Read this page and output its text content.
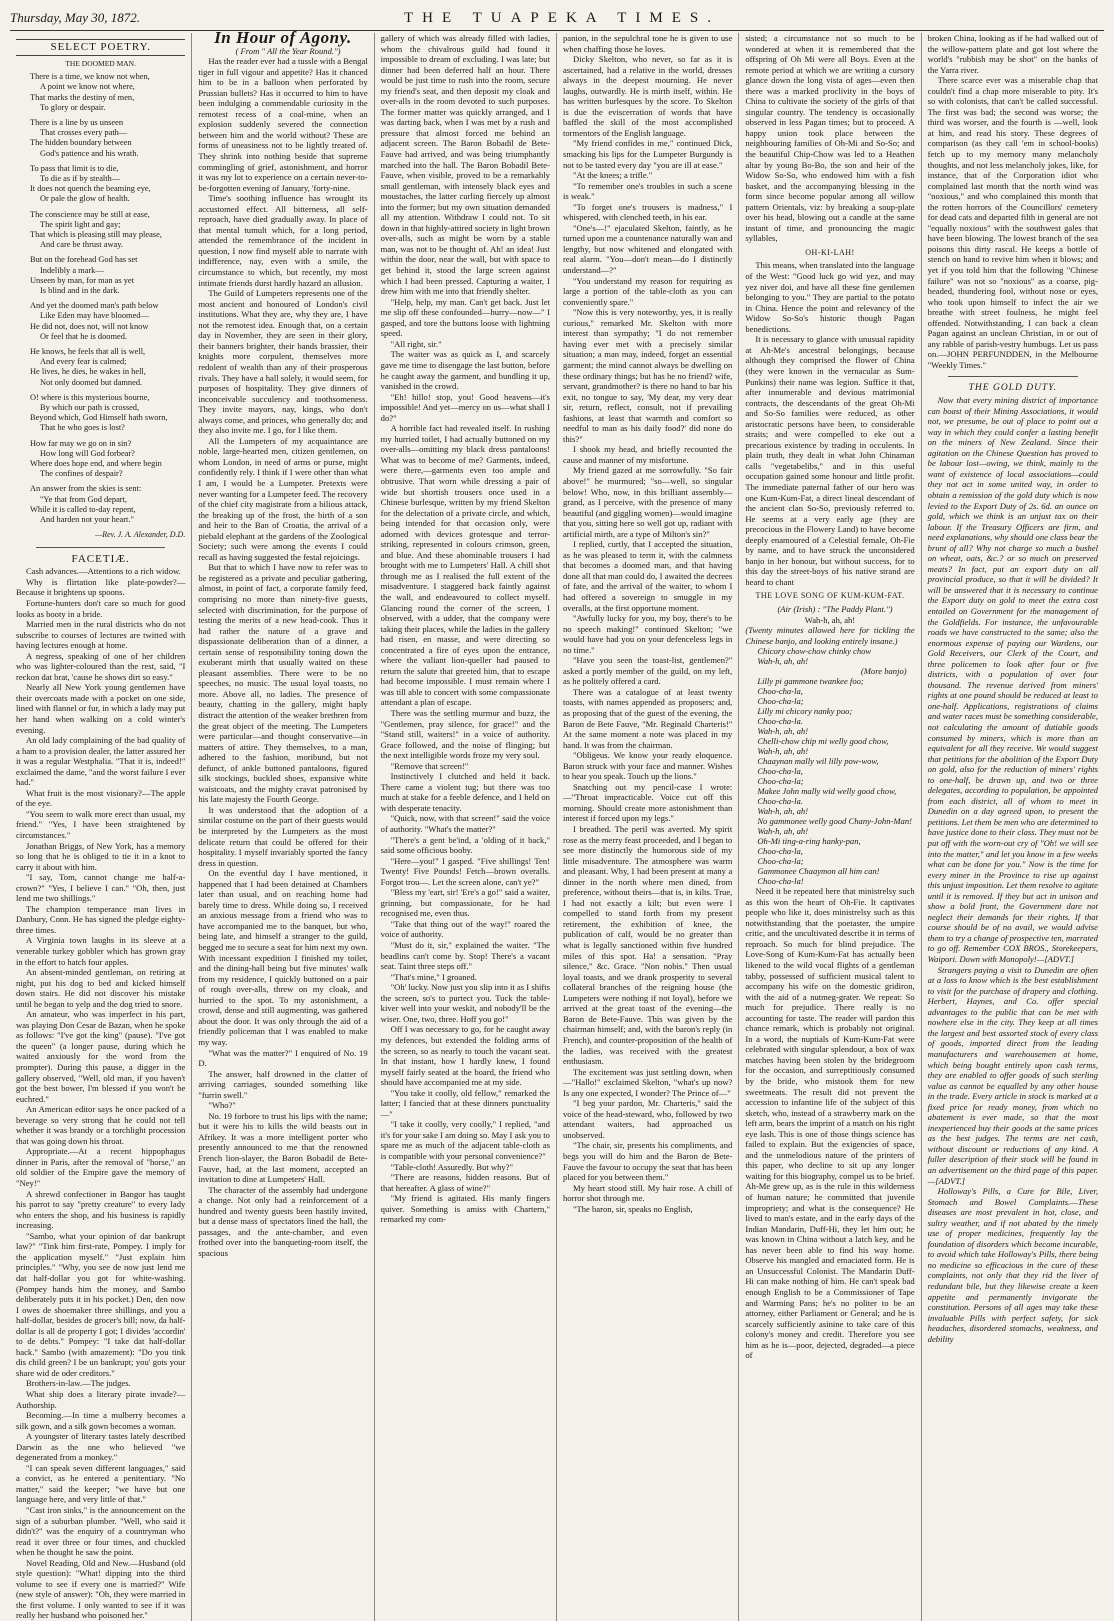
Thursday, May 30, 1872.	THE TUAPEKA TIMES.
SELECT POETRY.
THE DOOMED MAN.
There is a time, we know not when,
A point we know not where,
That marks the destiny of men,
To glory or despair.
There is a line by us unseen
That crosses every path—
The hidden boundary between
God's patience and his wrath.
To pass that limit is to die,
To die as if by stealth—
It does not quench the beaming eye,
Or pale the glow of health.
The conscience may be still at ease,
The spirit light and gay;
That which is pleasing still may please,
And care be thrust away.
But on the forehead God has set
Indelibly a mark—
Unseen by man, for man as yet
Is blind and in the dark.
And yet the doomed man's path below
Like Eden may have bloomed—
He did not, does not, will not know
Or feel that he is doomed.
He knows, he feels that all is well,
And every fear is calmed;
He lives, he dies, he wakes in hell,
Not only doomed but damned.
O! where is this mysterious bourne,
By which our path is crossed,
Beyond which, God Himself hath sworn,
That he who goes is lost?
How far may we go on in sin?
How long will God forbear?
Where does hope end, and where begin
The confines of despair?
An answer from the skies is sent:
"Ye that from God depart,
While it is called to-day repent,
And harden not your heart."
—Rev. J. A. Alexander, D.D.
FACETIÆ.

Cash advances.—Attentions to a rich widow.

Why is flirtation like plate-powder?—Because it brightens up spoons.

Fortune-hunters don't care so much for good looks as booty in a bride.

Married men in the rural districts who do not subscribe to courses of lectures are twitted with having lectures enough at home.

A negress, speaking of one of her children who was lighter-coloured than the rest, said, "I reckon dat brat, 'cause he shows dirt so easy."

Nearly all New York young gentlemen have their overcoats made with a pocket on one side, lined with flannel or fur, in which a lady may put her hand when walking on a cold winter's evening.

An old lady complaining of the bad quality of a ham to a provision dealer, the latter assured her it was a regular Westphalia. "That it is, indeed!" exclaimed the dame, "and the worst failure I ever had."

What fruit is the most visionary?—The apple of the eye.

"You seem to walk more erect than usual, my friend." "Yes, I have been straightened by circumstances."

Jonathan Briggs, of New York, has a memory so long that he is obliged to tie it in a knot to carry it about with him.

"I say, Tom, cannot change me half-a-crown?" "Yes, I believe I can." "Oh, then, just lend me two shillings."

The champion temperance man lives in Danbury, Conn. He has signed the pledge eighty-three times.

A Virginia town laughs in its sleeve at a venerable turkey gobbler which has grown gray in the effort to hatch four apples.

An absent-minded gentleman, on retiring at night, put his dog to bed and kicked himself down stairs. He did not discover his mistake until he began to yelp and the dog tried to snore.

An amateur, who was imperfect in his part, was playing Don Cesar de Bazan, when he spoke as follows: "I've got the king" (pause). "I've got the queen" (a longer pause, during which he waited anxiously for the word from the prompter). During this pause, a digger in the gallery observed, "Well, old man, if you haven't got the best bower, I'm blessed if you won't be euchred."

An American editor says he once packed of a beverage so very strong that he could not tell whether it was brandy or a torchlight procession that was going down his throat.

Appropriate.—At a recent hippophagus dinner in Paris, after the removal of "horse," an old soldier of the Empire gave the memory of "Ney!"

A shrewd confectioner in Bangor has taught his parrot to say "pretty creature" to every lady who enters the shop, and his business is rapidly increasing.

"Sambo, what your opinion of dar bankrupt law?" "Tink him first-rate, Pompey. I imply for the application myself." "Just explain him principles." "Why, you see de now just lend me dat half-dollar you got for white-washing. (Pompey hands him the money, and Sambo deliberately puts it in his pocket.) Den, den now I owes de shoemaker three shillings, and you a half-dollar, besides de grocer's bill; now, da half-dollar is all de property I got; I divides 'accordin' to de debts." Pompey: "I take dat half-dollar back." Sambo (with amazement): "Do you tink dis child green? I be un bankrupt; you' gots your share wid de oder creditors."

Brothers-in-law.—The judges.

What ship does a literary pirate invade?—Authorship.

Becoming.—In time a mulberry becomes a silk gown, and a silk gown becomes a woman.

A youngster of literary tastes lately described Darwin as the one who believed "we degenerated from a monkey."

"I can speak seven different languages," said a convict, as he entered a penitentiary. "No matter," said the keeper; "we have but one language here, and very little of that."

"Cast iron sinks," is the announcement on the sign of a suburban plumber. "Well, who said it didn't?" was the enquiry of a countryman who read it over three or four times, and chuckled when he thought he saw the point.

Novel Reading, Old and New.—Husband (old style question): "What! dipping into the third volume to see if every one is married?" Wife (new style of answer): "Oh, they were married in the first volume. I only wanted to see if it was really her husband who poisoned her."

In Hour of Agony.

( From " All the Year Round.")

Has the reader ever had a tussle with a Bengal tiger in full vigour and appetite? Has it chanced him to be in a balloon when perforated by Prussian bullets? Has it occurred to him to have been indulging a commendable curiosity in the remotest recess of a coal-mine, when an explosion suddenly severed the connection between him and the world without? These are forms of uneasiness not to be lightly treated of. They shrink into nothing beside that supreme commingling of grief, astonishment, and horror it was my lot to experience on a certain never-to-be-forgotten evening of January, 'forty-nine.

Time's soothing influence has wrought its accustomed effect. All bitterness, all self-reproach, have died gradually away. In place of that mental tumult which, for a long period, attended the remembrance of the incident in question, I now find myself able to narrate with indifference, nay, even with a smile, the circumstance to which, but recently, my most intimate friends durst hardly hazard an allusion.

The Guild of Lumpeters represents one of the most ancient and honoured of London's civil institutions. What they are, why they are, I have not the remotest idea. Enough that, on a certain day in November, they are seen in their glory, their banners brighter, their bands brassier, their knights more corpulent, themselves more redolent of wealth than any of their prosperous rivals. They have a hall solely, it would seem, for purposes of hospitality. They give dinners of inconceivable succulency and toothsomeness. They invite mayors, nay, kings, who don't always come, and princes, who generally do; and they also invite me. I go, for I like them.

All the Lumpeters of my acquaintance are noble, large-hearted men, citizen gentlemen, on whom London, in need of arms or purse, might confidently rely. I think if I were other than what I am, I would be a Lumpeter. Pretexts were never wanting for a Lumpeter feed. The recovery of the chief city magistrate from a bilious attack, the breaking up of the frost, the birth of a son and heir to the Ban of Croatia, the arrival of a piebald elephant at the gardens of the Zoological Society; such were among the events I could recall as having suggested the festal rejoicings.

But that to which I have now to refer was to be registered as a private and peculiar gathering, almost, in point of fact, a corporate family feed, comprising no more than ninety-five guests, selected with discrimination, for the purpose of testing the merits of a new head-cook. Thus it had rather the nature of a grave and dispassionate deliberation than of a dinner, a certain sense of responsibility toning down the exuberant mirth that usually waited on these pleasant assemblies. There were to be no speeches, no music. The usual loyal toasts, no more. Above all, no ladies. The presence of beauty, chatting in the gallery, might haply distract the attention of the weaker brethren from the great object of the meeting. The Lumpeters were particular—and thought conservative—in matters of attire. They themselves, to a man, adhered to the fashion, moribund, but not defunct, of ankle buttoned pantaloons, figured silk stockings, buckled shoes, expansive white waistcoats, and the mighty cravat patronised by his late majesty the Fourth George.

It was understood that the adoption of a similar costume on the part of their guests would be interpreted by the Lumpeters as the most delicate return that could be offered for their hospitality. I myself invariably sported the fancy dress in question.

On the eventful day I have mentioned, it happened that I had been detained at Chambers later than usual, and on reaching home had barely time to dress. While doing so, I received an anxious message from a friend who was to have accompanied me to the banquet, but who, being late, and himself a stranger to the guild, begged me to secure a seat for him next my own. With incessant expedition I finished my toilet, and the dining-hall being but five minutes' walk from my residence, I quickly buttoned on a pair of rough over-alls, threw on my cloak, and hurried to the spot. To my astonishment, a crowd, dense and still augmenting, was gathered about the door. It was only through the aid of a friendly policeman that I was enabled to make my way.

"What was the matter?" I enquired of No. 19 D.

The answer, half drowned in the clatter of arriving carriages, sounded something like "furrin swell."

"Who?"

No. 19 forbore to trust his lips with the name; but it were his to kills the wild beasts out in Afrikey. It was a more intelligent porter who presently announced to me that the renowned French lion-slayer, the Baron Bobadil de Bete-Fauve, had, at the last moment, accepted an invitation to dine at Lumpeters' Hall.

The character of the assembly had undergone a change. Not only had a reinforcement of a hundred and twenty guests been hastily invited, but a dense mass of spectators lined the hall, the passages, and the ante-chamber, and even frothed over into the banqueting-room itself, the spacious

gallery of which was already filled with ladies, whom the chivalrous guild had found it impossible to dream of excluding. I was late; but dinner had been deferred half an hour. There would be just time to rush into the room, secure my friend's seat, and then deposit my cloak and over-alls in the room devoted to such purposes. The former matter was quickly arranged, and I was darting back, when I was met by a rush and pressure that almost forced me behind an adjacent screen. The Baron Bobadil de Bete-Fauve had arrived, and was being triumphantly marched into the hall. The Baron Bobadil Bete-Fauve, when visible, proved to be a remarkably small gentleman, with intensely black eyes and moustaches, the latter curling fiercely up almost into the former; but my own situation demanded all my attention. Withdraw I could not. To sit down in that highly-attired society in light brown over-alls, such as might be worn by a stable man, was not to be thought of. Ah! an idea! Just within the door, near the wall, but with space to get behind it, stood the large screen against which I had been pressed. Capturing a waiter, I drew him with me into that friendly shelter.

"Help, help, my man. Can't get back. Just let me slip off these confounded—hurry—now—" I gasped, and tore the buttons loose with lightning speed.

"All right, sir."

The waiter was as quick as I, and scarcely gave me time to disengage the last button, before he caught away the garment, and bundling it up, vanished in the crowd.

"Eh! hillo! stop, you! Good heavens—it's impossible! And yet—mercy on us—what shall I do?"

A horrible fact had revealed itself. In rushing my hurried toilet, I had actually buttoned on my over-alls—omitting my black dress pantaloons! What was to become of me? Garments, indeed, were there,—garments even too ample and obtrusive. That worn while dressing a pair of wide but shortish trousers once used in a Chinese burlesque, written by my friend Skelton for the delectation of a private circle, and which, being intended for that occasion only, were adorned with devices grotesque and terror-striking, represented in colours crimson, green, and blue. And these abominable trousers I had brought with me to Lumpeters' Hall. A chill shot through me as I realised the full extent of the misadventure. I staggered back faintly against the wall, and endeavoured to collect myself. Glancing round the corner of the screen, I observed, with a udder, that the company were taking their places, while the ladies in the gallery had risen, en masse, and were directing so concentrated a fire of eyes upon the entrance, where the valiant lion-queller had paused to return the salute that greeted him, that to escape had become impossible. I must remain where I was till able to concert with some compassionate attendant a plan of escape.

There was the settling murmur and buzz, the "Gentlemen, pray silence, for grace!" and the "Stand still, waiters!" in a voice of authority. Grace followed, and the noise of flinging; but the next intelligible words froze my very soul.

"Remove that screen!"

Instinctively I clutched and held it back. There came a violent tug; but there was too much at stake for a feeble defence, and I held on with desperate tenacity.

"Quick, now, with that screen!" said the voice of authority. "What's the matter?"

"There's a gent be'ind, a 'olding of it back," said some officious booby.

"Here—you!" I gasped. "Five shillings! Ten! Twenty! Five Pounds! Fetch—brown overalls. Forgot trou—. Let the screen alone, can't ye?"

"Bless my 'eart, sir! 'Ere's a go!" said a waiter, grinning, but compassionate, for he had recognised me, even thus.

"Take that thing out of the way!" roared the voice of authority.

"Must do it, sir," explained the waiter. "The beadlins can't come by. Stop! There's a vacant seat. Taint three steps off."

"That's mine," I groaned.

"Oh' lucky. Now just you slip into it as I shifts the screen, so's to purtect you. Tuck the table-kiver well into your weskit, and nobody'll be the wiser. One, two, three. Hoff you go!"

Off I was necessary to go, for he caught away my defences, but extended the folding arms of the screen, so as nearly to touch the vacant seat. In that instant, how I hardly knew, I found myself fairly seated at the board, the friend who should have accompanied me at my side.

"You take it coolly, old fellow," remarked the latter; I fancied that at these dinners punctuality—"

"I take it coolly, very coolly," I replied, "and it's for your sake I am doing so. May I ask you to spare me as much of the adjacent table-cloth as is compatible with your personal convenience?"

"Table-cloth! Assuredly. But why?"

"There are reasons, hidden reasons. But of that hereafter. A glass of wine?"

"My friend is agitated. His manly fingers quiver. Something is amiss with Chartern," remarked my com-

panion, in the sepulchral tone he is given to use when chaffing those he loves.

Dicky Skelton, who never, so far as it is ascertained, had a relative in the world, dresses always in the deepest mourning. He never laughs, outwardly. He is mirth itself, within. He has written burlesques by the score. To Skelton is due the eviscerration of words that have baffled the skill of the most accomplished tormentors of the English language.

"My friend confides in me," continued Dick, smacking his lips for the Lumpeter Burgundy is not to be tasted every day "you are ill at ease."

"At the knees; a trifle."

"To remember one's troubles in such a scene is weak."

"To forget one's trousers is madness," I whispered, with clenched teeth, in his ear.

"One's—!" ejaculated Skelton, faintly, as he turned upon me a countenance naturally wan and lengthy, but now whitened and elongated with real alarm. "You—don't mean—do I distinctly understand—?"

"You understand my reason for requiring as large a portion of the table-cloth as you can conveniently spare."

"Now this is very noteworthy, yes, it is really curious," remarked Mr. Skelton with more interest than sympathy; "I do not remember having ever met with a precisely similar situation; a man may, indeed, forget an essential garment; the mind cannot always be dwelling on these ordinary things; but has he no friend? wife, servant, grandmother? is there no hand to bar his exit, no tongue to say, 'My dear, my very dear sir, return, reflect, consult, not if prevailing fashions, at least that warmth and comfort so needful to man as his daily food?' did none do this?"

I shook my head, and briefly recounted the cause and manner of my misfortune.

My friend gazed at me sorrowfully. "So fair above!" he murmured; "so—well, so singular below! Who, now, in this brilliant assembly—grand, as I perceive, with the presence of many beautiful (and giggling women)—would imagine that you, sitting here so well got up, radiant with artificial mirth, are a type of Milton's sin?"

I replied, curtly, that I accepted the situation, as he was pleased to term it, with the calmness that becomes a doomed man, and that having done all that man could do, I awaited the decrees of fate, and the arrival of the waiter, to whom I had offered a sovereign to smuggle in my overalls, at the first opportune moment.

"Awfully lucky for you, my boy, there's to be no speech making!" continued Skelton; "we would have had you on your defenceless legs in no time."

"Have you seen the toast-list, gentlemen?" asked a portly member of the guild, on my left, as he politely offered a card.

There was a catalogue of at least twenty toasts, with names appended as proposers; and, as proposing that of the guest of the evening, the Baron de Bete Fauve, "Mr. Reginald Charteris!" At the same moment a note was placed in my hand. It was from the chairman.

"Obligeus. We know your ready eloquence. Baron struck with your face and manner. Wishes to hear you speak. Touch up the lions."

Snatching out my pencil-case I wrote:—"Throat impracticable. Voice cut off this morning. Should create more astonishment than interest if forced upon my legs."

I breathed. The peril was averted. My spirit rose as the merry feast proceeded, and I began to see more distinctly the humorous side of my little misadventure. The atmosphere was warm and pleasant. Why, I had been present at many a dinner in the north where men dined, from preference, without theirs—that is, in kilts. True, I had not exactly a kilt; but even were I compelled to stand forth from my present retirement, the exhibition of knee, the publication of calf, would be no greater than what is legally sanctioned within five hundred miles of this spot. Ha! a sensation. "Pray silence," &c. Grace. "Non nobis." Then usual loyal toasts, and we drank prosperity to several collateral branches of the reigning house (the Lumpeters were nothing if not loyal), before we arrived at the great toast of the evening—the Baron de Bete-Fauve. This was given by the chairman himself; and, with the baron's reply (in French), and counter-proposition of the health of the ladies, was received with the greatest enthusiasm.

The excitement was just settling down, when—"Hallo!" exclaimed Skelton, "what's up now? Is any one expected, I wonder? The Prince of—"

"I beg your pardon, Mr. Charteris," said the voice of the head-steward, who, followed by two attendant waiters, had approached us unobserved.

"The chair, sir, presents his compliments, and begs you will do him and the Baron de Bete-Fauve the favour to occupy the seat that has been placed for you between them."

My heart stood still. My hair rose. A chill of horror shot through me.

"The baron, sir, speaks no English,

sisted; a circumstance not so much to be wondered at when it is remembered that the offspring of Oh Mi were all Boys. Even at the remote period at which we are writing a cursory glance down the long vista of ages—even then there was a marked proclivity in the boys of China to cultivate the society of the girls of that singular country. The tendency is occasionally observed in less Pagan times; but to proceed. A happy union took place between the neighbouring families of Oh-Mi and So-So; and the beautiful Chip-Chow was led to a Heathen altar by young Bo-Bo, the son and heir of the Widow So-So, who endowed him with a fish basket, and the accompanying blessing in the form since become popular among all willow pattern Orientals, viz: by breaking a soup-plate over his head, blowing out a candle at the same instant of time, and pronouncing the magic syllables,

OH-KI-LAH!

This means, when translated into the language of the West: "Good luck go wid yez, and may yez niver doi, and have all these fine gentlemen belonging to you." They are partial to the potato in China. Hence the point and relevancy of the Widow So-So's historic though Pagan benedictions.

It is necessary to glance with unusual rapidity at Ah-Me's ancestral belongings, because although they comprised the flower of China (they were known in the vernacular as Sum-Punkins) their name was legion. Suffice it that, after innumerable and devious matrimonial contracts, the descendants of the great Oh-Mi and So-So families were reduced, as other aristocratic persons have been, to considerable straits; and were compelled to eke out a precarious existence by trading in occulents. In plain truth, they dealt in what John Chinaman calls "vegetabelibs," and in this useful occupation gained some honour and little profit. The immediate paternal father of our hero was one Kum-Kum-Fat, a direct lineal descendant of the ancient clan So-So, previously referred to. He seems at a very early age (they are precocious in the Flowery Land) to have become deeply enamoured of a Celestial female, Oh-Fie by name, and to have struck the unconsidered banjo in her honour, but without success, for to this day the street-boys of his native strand are heard to chant

THE LOVE SONG OF KUM-KUM-FAT.

(Air (Irish) : "The Paddy Plant.")

Wah-h, ah, ah!

(Twenty minutes allowed here for tickling the Chinese banjo, and looking entirely insane.)

Chicory chow-chow chinky chow
Wah-h, ah, ah!
(More banjo)
Lilly pi gammone twankee foo;
Choo-cha-la,
Choo-cha-la;
Lilly mi chicory nanky poo;
Choo-cha-la.
Wah-h, ah, ah!
Chelli-chow chip mi welly good chow,
Wah-h, ah, ah!
Chaaynan mally wil lilly pow-wow,
Choo-cha-la,
Choo-cha-la;
Makee John mally wid welly good chow,
Choo-cha-la.
Wah-h, ah, ah!
No gammonee welly good Chany-John-Man!
Wah-h, ah, ah!
Oh-Mi ting-a-ring hanky-pan,
Choo-cha-la,
Choo-cha-la;
Gammonee Chaaymon all him can!
Choo-cha-la!

Need it be repeated here that ministrelsy such as this won the heart of Oh-Fie. It captivates people who like it, does ministrelsy such as this notwithstanding that the poetaster, the umpire critic, and the uncultivated describe it in terms of reproach. So much for blind prejudice. The Love-Song of Kum-Kum-Fat has actually been likened to the wild vocal flights of a gentleman tabby, possessed of sufficient musical talent to accompany his wife on the domestic gridiron, with the aid of a nutmeg-grater. We repeat: So much for prejudice. There really is no accounting for taste. The reader will pardon this chance remark, which is probably not original. In a word, the nuptials of Kum-Kum-Fat were celebrated with singular splendour, a box of wax matches having been stolen by the bridegroom for the occasion, and surreptitiously consumed by the bride, who mistook them for new sweetmeats. The result did not prevent the accession to infantine life of the subject of this sketch, who, instead of a strawberry mark on the left arm, bears the imprint of a match on his right eye lash. This is one of those things science has failed to explain. But the exigencies of space, and the unmelodious nature of the printers of this paper, who decline to sit up any longer waiting for this biography, compel us to be brief. Ah-Me grew up, as is the rule in this wilderness of human nature; he committed that juvenile impropriety; and what is the consequence? He lived to man's estate, and in the early days of the Indian Mandarin, Duff-Hi, they let him out; he was known in China without a latch key, and he has never been able to find his way home. Observe his mangled and emaciated form. He is an Unsuccessful Colonist. The Mandarin Duff-Hi can make nothing of him. He can't speak bad enough English to be a Commissioner of Tape and Warming Pans; he's no politer to be an attorney, either Parliament or General; and he is scarcely sufficiently asinine to take care of this colony's money and credit. Therefore you see him as he is—poor, dejected, degraded—a piece of

broken China, looking as if he had walked out of the willow-pattern plate and got lost where the world's "rubbish may be shot" on the banks of the Yarra river.

There scarce ever was a miserable chap that couldn't find a chap more miserable to pity. It's so with colonists, that can't be called successful. The first was bad; the second was worse; the third was worser, and the fourth is —well, look at him, and read his story. These degrees of comparison (as they call 'em in school-books) fetch up to my memory many melancholy thoughts, and not less melancholy jokes, like, for instance, that of the Corporation idiot who complained last month that the north wind was "noxious," and who complained this month that the rotten horrors of the Councillors' cemetery for dead cats and departed filth in general are not "equally noxious" with the southwest gales that have been blowing. The lowest branch of the sea poisons this dirty rascal. He keeps a bottle of stench on hand to revive him when it blows; and yet if you told him that the following "Chinese failure" was not so "noxious" as a coarse, pig-headed, thundering fool, without nose or eyes, who took upon himself to infect the air we breathe with street foulness, he might feel offended. Notwithstanding, I can back a clean Pagan against an unclean Christian, in or out of any rabble of parish-vestry humbugs. Let us pass on.—JOHN PERFUNDDEN, in the Melbourne "Weekly Times."

THE GOLD DUTY.

Now that every mining district of importance can boast of their Mining Associations, it would not, we presume, be out of place to point out a way in which they could confer a lasting benefit on the miners of New Zealand. Since their agitation on the Chinese Question has proved to be labour lost—owing, we think, mainly to the want of existence of local associations—could they not act in some united way, in order to obtain a remission of the gold duty which is now levied to the Export Duty of 2s. 6d. an ounce on gold, which we think is an unjust tax on their labour. If the Treasury Officers are firm, and need explanations, why should one class bear the brunt of all? Why not charge so much a bushel on wheat, oats, &c.? or so much on preserved meats? In fact, put an export duty on all provincial produce, so that it will be divided? It will be answered that it is necessary to continue the Export duty on gold to meet the extra cost entailed on Government for the management of the Goldfields. For instance, the unfavourable roads we have constructed to the same; also the enormous expense of paying our Wardens, our Gold Receivers, our Clerk of the Court, and three policemen to look after four or five districts, with a population of over four thousand. The revenue derived from miners' rights at one pound should be reduced at least to one-half. Applications, registrations of claims and water races must be something considerable, not calculating the amount of dutiable goods consumed by miners, which is more than an equivalent for all they receive. We would suggest that petitions for the abolition of the Export Duty on gold, also for the reduction of miners' rights to one-half, be drawn up, and two or three delegates, according to population, be appointed from each district, all of whom to meet in Dunedin on a day agreed upon, to present the petitions. Let them be men who are determined to have justice done to their class. They must not be put off with the worn-out cry of "Oh! we will see into the matter," and let you know in a few weeks what can be done for you." Now is the time for every miner in the Province to rise up against this unjust imposition. Let them resolve to agitate until it is removed. If they but act in unison and show a bold front, the Government dare not neglect their demands for their rights. If that course should be of no avail, we would advise them to try a change of prospective ten, marrated to go off. Remember COX BROS., Storekeepers, Waipori. Down with Monopoly!—[ADVT.]

Strangers paying a visit to Dunedin are often at a loss to know which is the best establishment to visit for the purchase of drapery and clothing. Herbert, Haynes, and Co. offer special advantages to the public that can be met with nowhere else in the city. They keep at all times the largest and best assorted stock of every class of goods, imported direct from the leading manufacturers and warehousemen at home, which being bought entirely upon cash terms, they are enabled to offer goods of such sterling value as cannot be equalled by any other house in the trade. Every article in stock is marked at a fixed price for ready money, from which no abatement is ever made, so that the most inexperienced buy their goods at the same prices as the best judges. The terms are net cash, without discount or reductions of any kind. A fuller description of their stock will be found in an advertisement on the third page of this paper.—[ADVT.]

Holloway's Pills, a Cure for Bile, Liver, Stomach and Bowel Complaints.—These diseases are most prevalent in hot, close, and sultry weather, and if not abated by the timely use of proper medicines, frequently lay the foundation of disorders which become incurable, to avoid which take Holloway's Pills, there being no medicine so efficacious in the cure of these complaints, not only that they rid the liver of redundant bile, but they likewise create a keen appetite and permanently invigorate the constitution. Persons of all ages may take these invaluable Pills with perfect safety, for sick headaches, disordered stomachs, weakness, and debility
